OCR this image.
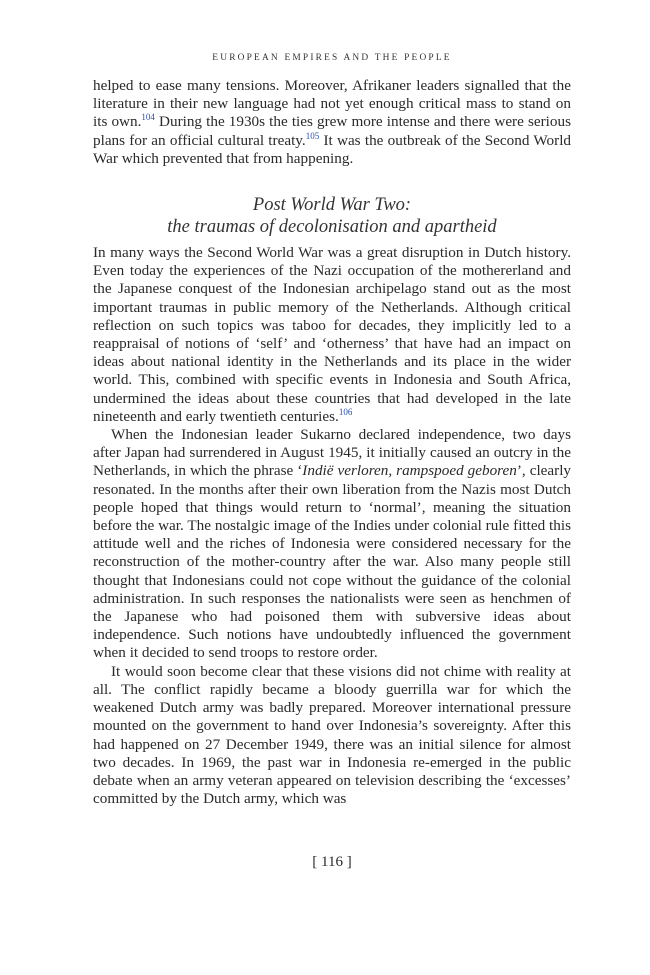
EUROPEAN EMPIRES AND THE PEOPLE

helped to ease many tensions. Moreover, Afrikaner leaders signalled that the literature in their new language had not yet enough critical mass to stand on its own.$^{104}$ During the 1930s the ties grew more intense and there were serious plans for an official cultural treaty.$^{105}$ It was the outbreak of the Second World War which prevented that from happening.

Post World War Two:
the traumas of decolonisation and apartheid

In many ways the Second World War was a great disruption in Dutch history. Even today the experiences of the Nazi occupation of the mothererland and the Japanese conquest of the Indonesian archipelago stand out as the most important traumas in public memory of the Netherlands. Although critical reflection on such topics was taboo for decades, they implicitly led to a reappraisal of notions of ‘self’ and ‘otherness’ that have had an impact on ideas about national identity in the Netherlands and its place in the wider world. This, combined with specific events in Indonesia and South Africa, undermined the ideas about these countries that had developed in the late nineteenth and early twentieth centuries.$^{106}$

When the Indonesian leader Sukarno declared independence, two days after Japan had surrendered in August 1945, it initially caused an outcry in the Netherlands, in which the phrase ‘Indië verloren, rampspoed geboren’, clearly resonated. In the months after their own liberation from the Nazis most Dutch people hoped that things would return to ‘normal’, meaning the situation before the war. The nostalgic image of the Indies under colonial rule fitted this attitude well and the riches of Indonesia were considered necessary for the reconstruction of the mother-country after the war. Also many people still thought that Indonesians could not cope without the guidance of the colonial administration. In such responses the nationalists were seen as henchmen of the Japanese who had poisoned them with subversive ideas about independence. Such notions have undoubtedly influenced the government when it decided to send troops to restore order.

It would soon become clear that these visions did not chime with reality at all. The conflict rapidly became a bloody guerrilla war for which the weakened Dutch army was badly prepared. Moreover international pressure mounted on the government to hand over Indonesia’s sovereignty. After this had happened on 27 December 1949, there was an initial silence for almost two decades. In 1969, the past war in Indonesia re-emerged in the public debate when an army veteran appeared on television describing the ‘excesses’ committed by the Dutch army, which was

[ 116 ]
